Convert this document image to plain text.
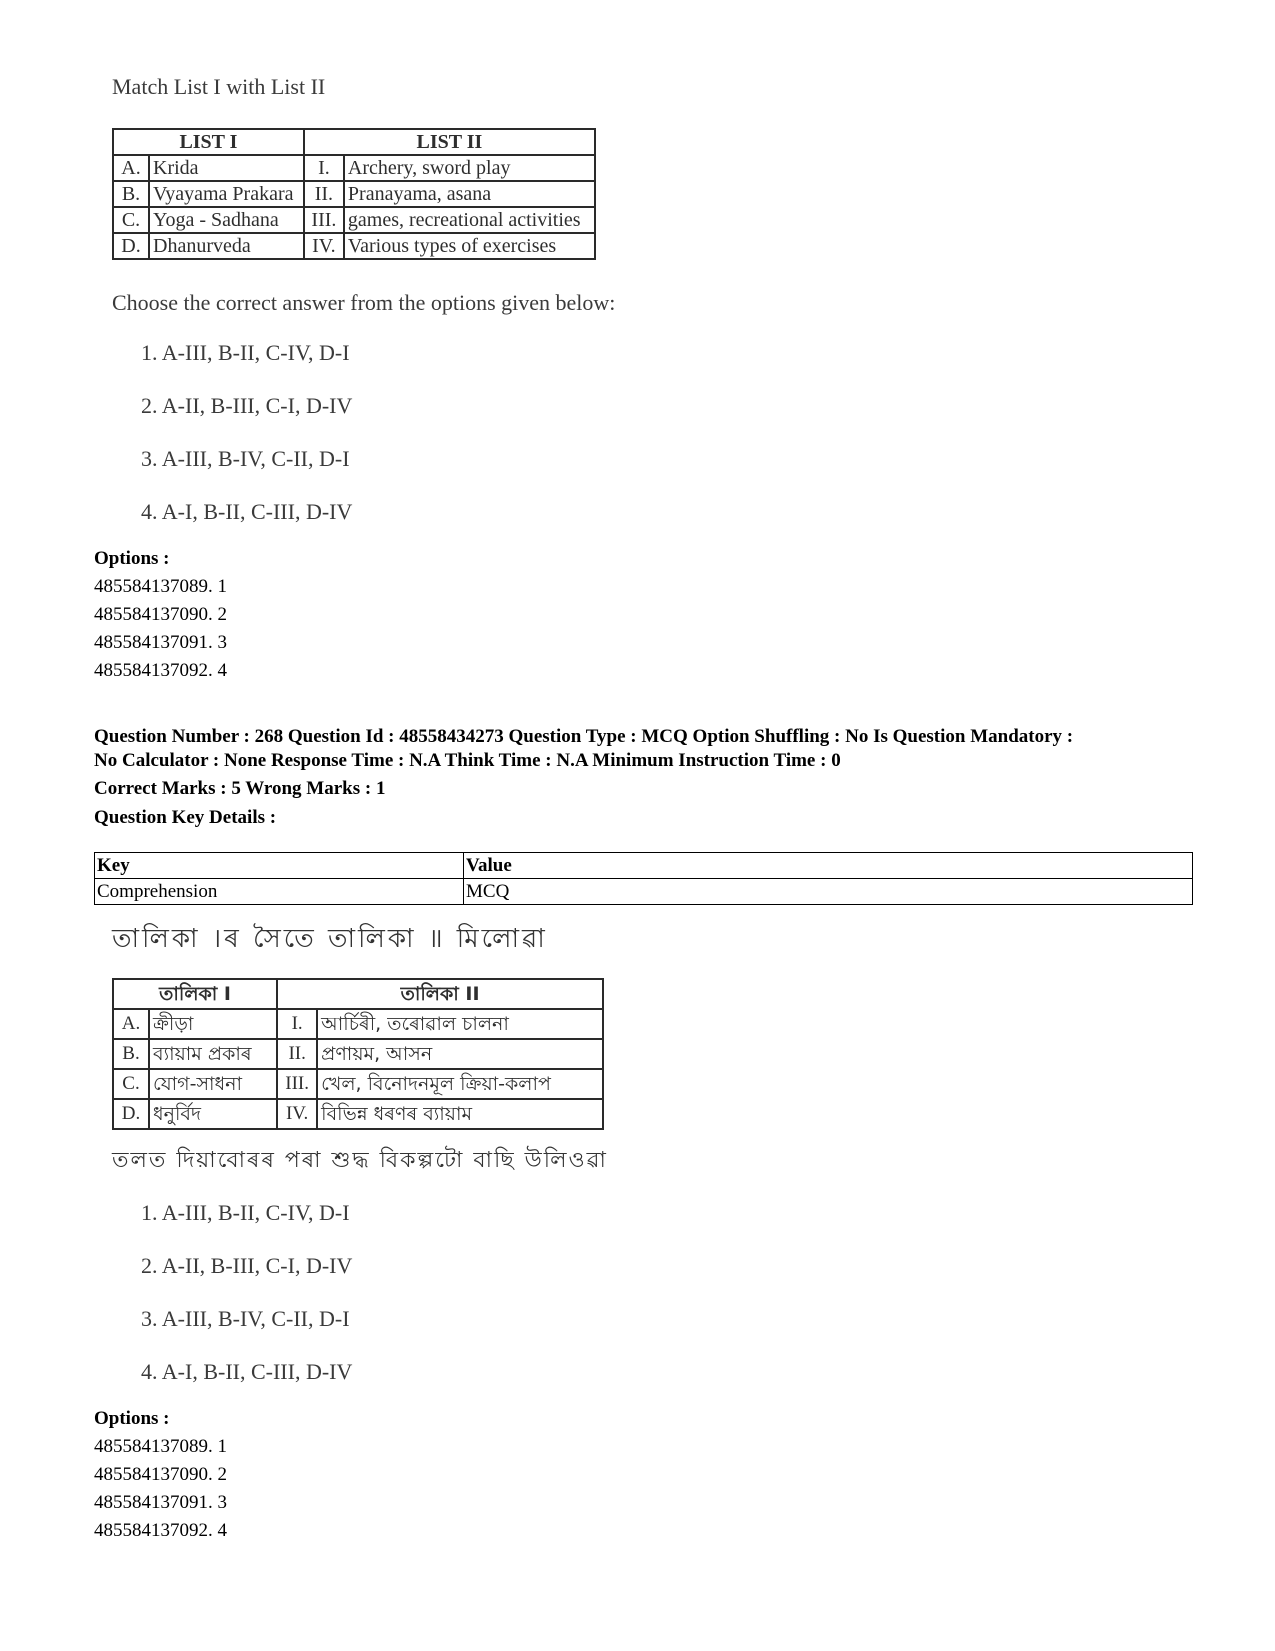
Match List I with List II
LIST I		LIST II	
A.	Krida	I.	Archery, sword play
B.	Vyayama Prakara	II.	Pranayama, asana
C.	Yoga - Sadhana	III.	games, recreational activities
D.	Dhanurveda	IV.	Various types of exercises
Choose the correct answer from the options given below:
1. A-III, B-II, C-IV, D-I
2. A-II, B-III, C-I, D-IV
3. A-III, B-IV, C-II, D-I
4. A-I, B-II, C-III, D-IV
Options :
485584137089. 1
485584137090. 2
485584137091. 3
485584137092. 4
Question Number : 268 Question Id : 48558434273 Question Type : MCQ Option Shuffling : No Is Question Mandatory :
No Calculator : None Response Time : N.A Think Time : N.A Minimum Instruction Time : 0
Correct Marks : 5 Wrong Marks : 1
Question Key Details :
Key	Value
Comprehension	MCQ
তালিকা ।ৰ সৈতে তালিকা ॥ মিলোৱা
তালিকা I		তালিকা II	
A.	ক্রীড়া	I.	আৰ্চিৰী, তৰোৱাল চালনা
B.	ব্যায়াম প্রকাৰ	II.	প্রণায়ম, আসন
C.	যোগ-সাধনা	III.	খেল, বিনোদনমূল ক্রিয়া-কলাপ
D.	ধনুৰ্বিদ	IV.	বিভিন্ন ধৰণৰ ব্যায়াম
তলত দিয়াবোৰৰ পৰা শুদ্ধ বিকল্পটো বাছি উলিওৱা
1. A-III, B-II, C-IV, D-I
2. A-II, B-III, C-I, D-IV
3. A-III, B-IV, C-II, D-I
4. A-I, B-II, C-III, D-IV
Options :
485584137089. 1
485584137090. 2
485584137091. 3
485584137092. 4
